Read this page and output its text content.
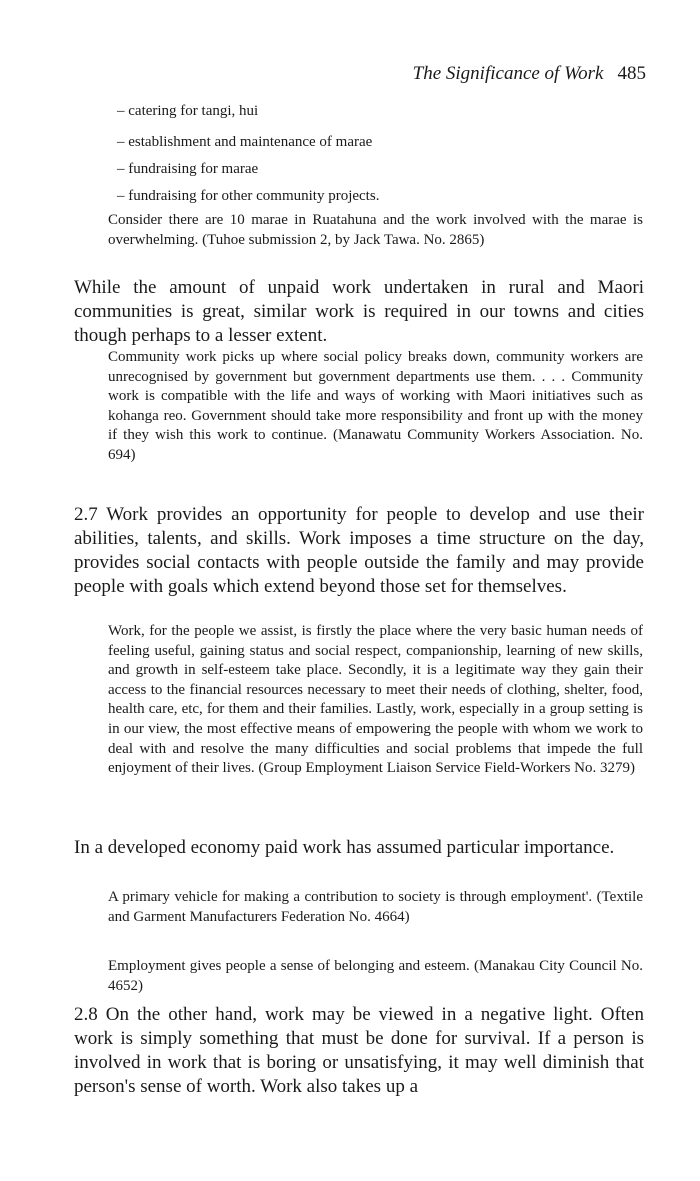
The Significance of Work 485
– catering for tangi, hui
– establishment and maintenance of marae
– fundraising for marae
– fundraising for other community projects.
Consider there are 10 marae in Ruatahuna and the work involved with the marae is overwhelming. (Tuhoe submission 2, by Jack Tawa. No. 2865)
While the amount of unpaid work undertaken in rural and Maori communities is great, similar work is required in our towns and cities though perhaps to a lesser extent.
Community work picks up where social policy breaks down, community workers are unrecognised by government but government departments use them. . . . Community work is compatible with the life and ways of working with Maori initiatives such as kohanga reo. Government should take more responsibility and front up with the money if they wish this work to continue. (Manawatu Community Workers Association. No. 694)
2.7 Work provides an opportunity for people to develop and use their abilities, talents, and skills. Work imposes a time structure on the day, provides social contacts with people outside the family and may provide people with goals which extend beyond those set for themselves.
Work, for the people we assist, is firstly the place where the very basic human needs of feeling useful, gaining status and social respect, companionship, learning of new skills, and growth in self-esteem take place. Secondly, it is a legitimate way they gain their access to the financial resources necessary to meet their needs of clothing, shelter, food, health care, etc, for them and their families. Lastly, work, especially in a group setting is in our view, the most effective means of empowering the people with whom we work to deal with and resolve the many difficulties and social problems that impede the full enjoyment of their lives. (Group Employment Liaison Service Field-Workers No. 3279)
In a developed economy paid work has assumed particular importance.
A primary vehicle for making a contribution to society is through employment'. (Textile and Garment Manufacturers Federation No. 4664)
Employment gives people a sense of belonging and esteem. (Manakau City Council No. 4652)
2.8 On the other hand, work may be viewed in a negative light. Often work is simply something that must be done for survival. If a person is involved in work that is boring or unsatisfying, it may well diminish that person's sense of worth. Work also takes up a
